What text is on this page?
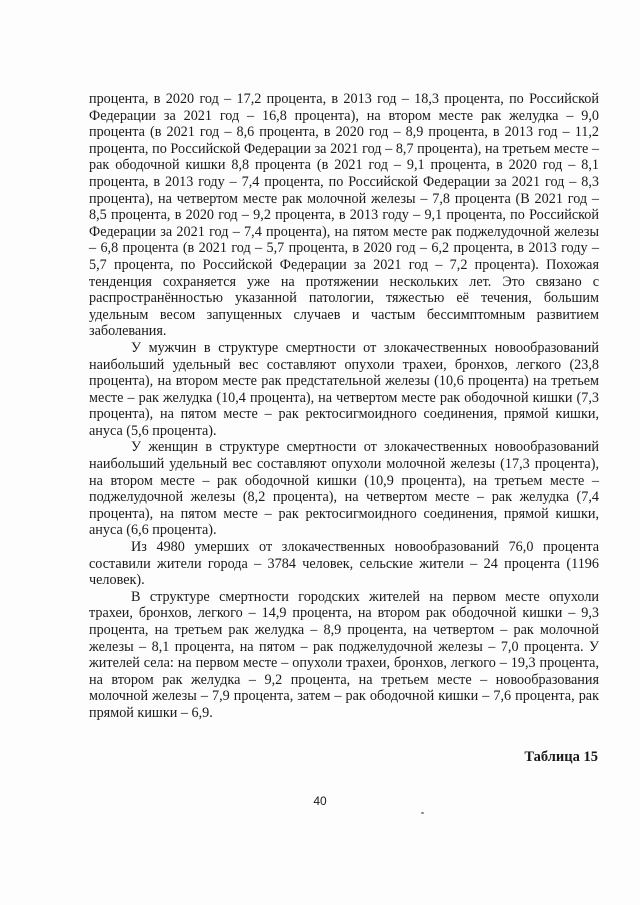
процента, в 2020 год – 17,2 процента, в 2013 год – 18,3 процента, по Российской Федерации за 2021 год – 16,8 процента), на втором месте рак желудка – 9,0 процента (в 2021 год – 8,6 процента, в 2020 год – 8,9 процента, в 2013 год – 11,2 процента, по Российской Федерации за 2021 год – 8,7 процента), на третьем месте – рак ободочной кишки 8,8 процента (в 2021 год – 9,1 процента, в 2020 год – 8,1 процента, в 2013 году – 7,4 процента, по Российской Федерации за 2021 год – 8,3 процента), на четвертом месте рак молочной железы – 7,8 процента (В 2021 год – 8,5 процента, в 2020 год – 9,2 процента, в 2013 году – 9,1 процента, по Российской Федерации за 2021 год – 7,4 процента), на пятом месте рак поджелудочной железы – 6,8 процента (в 2021 год – 5,7 процента, в 2020 год – 6,2 процента, в 2013 году – 5,7 процента, по Российской Федерации за 2021 год – 7,2 процента). Похожая тенденция сохраняется уже на протяжении нескольких лет. Это связано с распространённостью указанной патологии, тяжестью её течения, большим удельным весом запущенных случаев и частым бессимптомным развитием заболевания.

У мужчин в структуре смертности от злокачественных новообразований наибольший удельный вес составляют опухоли трахеи, бронхов, легкого (23,8 процента), на втором месте рак предстательной железы (10,6 процента) на третьем месте – рак желудка (10,4 процента), на четвертом месте рак ободочной кишки (7,3 процента), на пятом месте – рак ректосигмоидного соединения, прямой кишки, ануса (5,6 процента).

У женщин в структуре смертности от злокачественных новообразований наибольший удельный вес составляют опухоли молочной железы (17,3 процента), на втором месте – рак ободочной кишки (10,9 процента), на третьем месте – поджелудочной железы (8,2 процента), на четвертом месте – рак желудка (7,4 процента), на пятом месте – рак ректосигмоидного соединения, прямой кишки, ануса (6,6 процента).

Из 4980 умерших от злокачественных новообразований 76,0 процента составили жители города – 3784 человек, сельские жители – 24 процента (1196 человек).

В структуре смертности городских жителей на первом месте опухоли трахеи, бронхов, легкого – 14,9 процента, на втором рак ободочной кишки – 9,3 процента, на третьем рак желудка – 8,9 процента, на четвертом – рак молочной железы – 8,1 процента, на пятом – рак поджелудочной железы – 7,0 процента. У жителей села: на первом месте – опухоли трахеи, бронхов, легкого – 19,3 процента, на втором рак желудка – 9,2 процента, на третьем месте – новообразования молочной железы – 7,9 процента, затем – рак ободочной кишки – 7,6 процента, рак прямой кишки – 6,9.

Таблица 15
40
